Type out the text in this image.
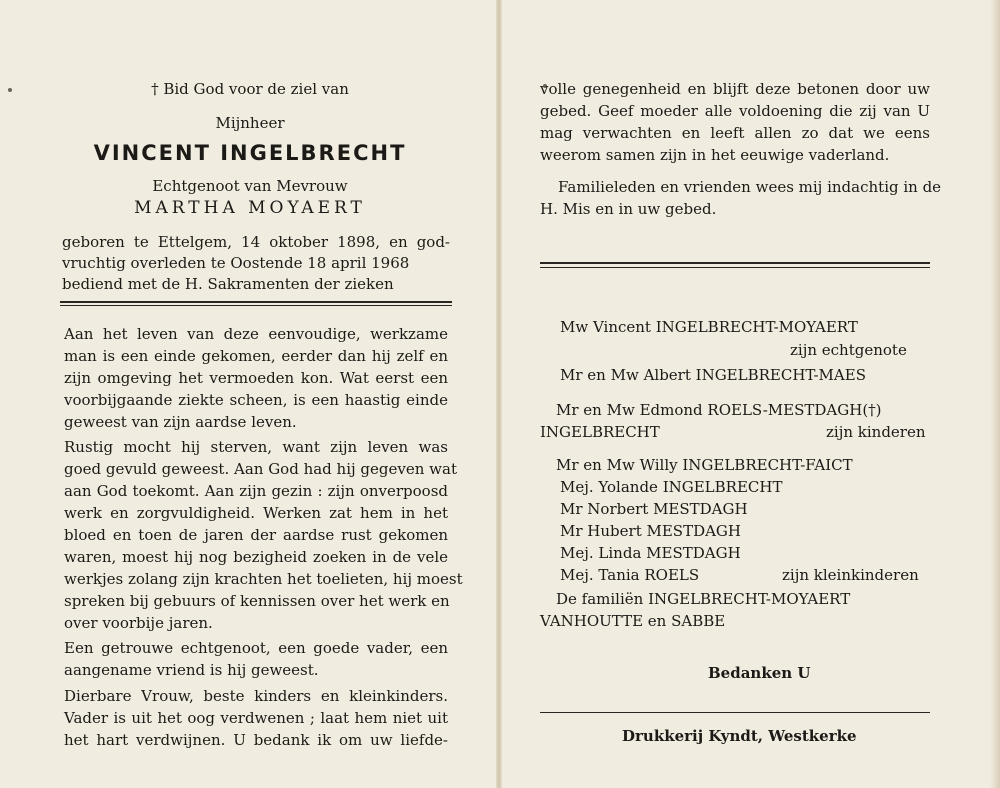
† Bid God voor de ziel van
Mijnheer
VINCENT INGELBRECHT
Echtgenoot van Mevrouw
MARTHA MOYAERT
geboren te Ettelgem, 14 oktober 1898, en god-
vruchtig overleden te Oostende 18 april 1968
bediend met de H. Sakramenten der zieken
Aan het leven van deze eenvoudige, werkzame
man is een einde gekomen, eerder dan hij zelf en
zijn omgeving het vermoeden kon. Wat eerst een
voorbijgaande ziekte scheen, is een haastig einde
geweest van zijn aardse leven.
Rustig mocht hij sterven, want zijn leven was
goed gevuld geweest. Aan God had hij gegeven wat
aan God toekomt. Aan zijn gezin : zijn onverpoosd
werk en zorgvuldigheid. Werken zat hem in het
bloed en toen de jaren der aardse rust gekomen
waren, moest hij nog bezigheid zoeken in de vele
werkjes zolang zijn krachten het toelieten, hij moest
spreken bij gebuurs of kennissen over het werk en
over voorbije jaren.
Een getrouwe echtgenoot, een goede vader, een
aangename vriend is hij geweest.
Dierbare Vrouw, beste kinders en kleinkinders.
Vader is uit het oog verdwenen ; laat hem niet uit
het hart verdwijnen. U bedank ik om uw liefde-
volle genegenheid en blijft deze betonen door uw
gebed. Geef moeder alle voldoening die zij van U
mag verwachten en leeft allen zo dat we eens
weerom samen zijn in het eeuwige vaderland.
Familieleden en vrienden wees mij indachtig in de
H. Mis en in uw gebed.
Mw Vincent INGELBRECHT-MOYAERT
zijn echtgenote
Mr en Mw Albert INGELBRECHT-MAES
Mr en Mw Edmond ROELS-MESTDAGH(†)
INGELBRECHT	zijn kinderen
Mr en Mw Willy INGELBRECHT-FAICT
Mej. Yolande INGELBRECHT
Mr Norbert MESTDAGH
Mr Hubert MESTDAGH
Mej. Linda MESTDAGH
Mej. Tania ROELS	zijn kleinkinderen
De familiën INGELBRECHT-MOYAERT
VANHOUTTE en SABBE
Bedanken U
Drukkerij Kyndt, Westkerke
